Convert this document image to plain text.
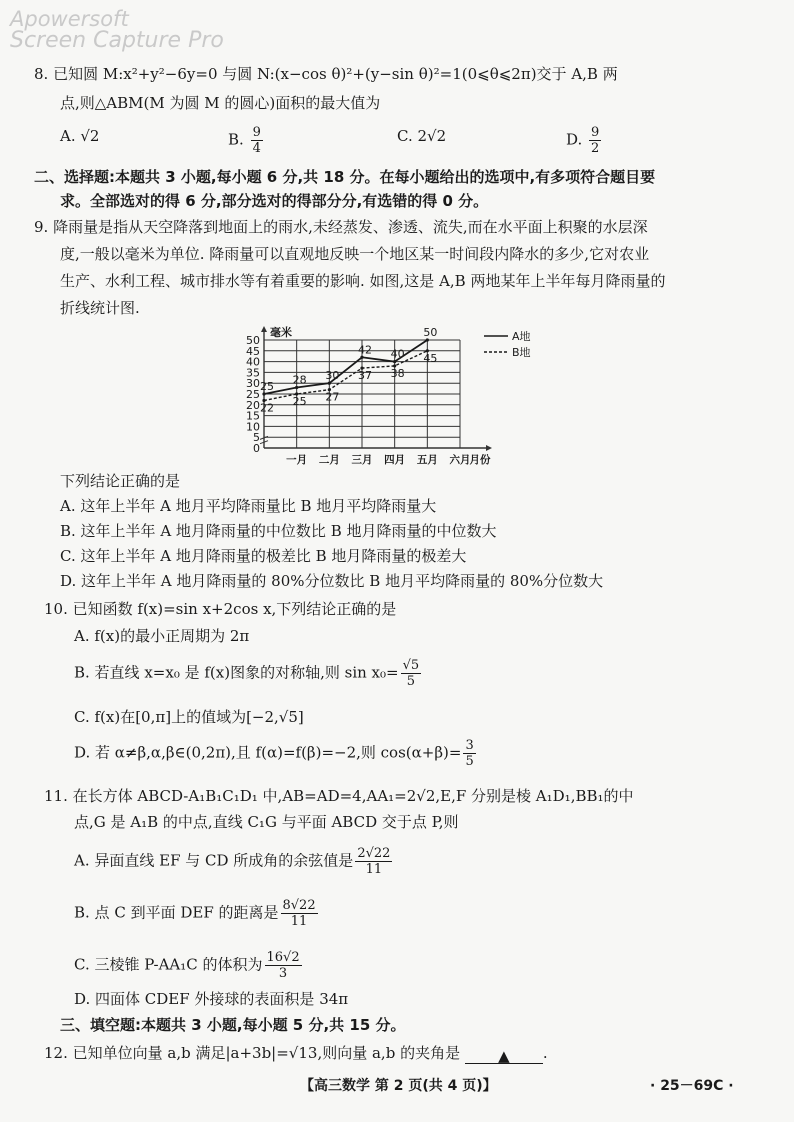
Apowersoft
Screen Capture Pro
8. 已知圆 M:x²+y²−6y=0 与圆 N:(x−cos θ)²+(y−sin θ)²=1(0⩽θ⩽2π)交于 A,B 两
点,则△ABM(M 为圆 M 的圆心)面积的最大值为
A. √2	B. $\frac{9}{4}$	C. 2√2	D. $\frac{9}{2}$
二、选择题:本题共 3 小题,每小题 6 分,共 18 分。在每小题给出的选项中,有多项符合题目要
求。全部选对的得 6 分,部分选对的得部分分,有选错的得 0 分。
9. 降雨量是指从天空降落到地面上的雨水,未经蒸发、渗透、流失,而在水平面上积聚的水层深
度,一般以毫米为单位. 降雨量可以直观地反映一个地区某一时间段内降水的多少,它对农业
生产、水利工程、城市排水等有着重要的影响. 如图,这是 A,B 两地某年上半年每月降雨量的
折线统计图.
0
5
10
15
20
25
30
35
40
45
50
毫米
一月 二月 三月 四月 五月 六月 月份
25 28 30
42 40
50
22 25 27
37 38
45
A地
B地
下列结论正确的是
A. 这年上半年 A 地月平均降雨量比 B 地月平均降雨量大
B. 这年上半年 A 地月降雨量的中位数比 B 地月降雨量的中位数大
C. 这年上半年 A 地月降雨量的极差比 B 地月降雨量的极差大
D. 这年上半年 A 地月降雨量的 80%分位数比 B 地月平均降雨量的 80%分位数大
10. 已知函数 f(x)=sin x+2cos x,下列结论正确的是
A. f(x)的最小正周期为 2π
B. 若直线 x=x₀ 是 f(x)图象的对称轴,则 $\sin x_0= \frac{√5}{5}$
C. f(x)在[0,π]上的值域为[−2,√5]
D. 若 α≠β,α,β∈(0,2π),且 f(α)=f(β)=−2,则 $\cos(\alpha+\beta)= \frac{3}{5}$
11. 在长方体 ABCD-A₁B₁C₁D₁ 中,AB=AD=4,AA₁=2√2,E,F 分别是棱 A₁D₁,BB₁的中
点,G 是 A₁B 的中点,直线 C₁G 与平面 ABCD 交于点 P,则
A. 异面直线 EF 与 CD 所成角的余弦值是 $\frac{2√22}{11}$
B. 点 C 到平面 DEF 的距离是 $\frac{8√22}{11}$
C. 三棱锥 P-AA₁C 的体积为 $\frac{16√2}{3}$
D. 四面体 CDEF 外接球的表面积是 34π
三、填空题:本题共 3 小题,每小题 5 分,共 15 分。
12. 已知单位向量 a,b 满足|a+3b|=√13,则向量 a,b 的夹角是	▲ .
【高三数学 第 2 页(共 4 页)】	· 25－69C ·
